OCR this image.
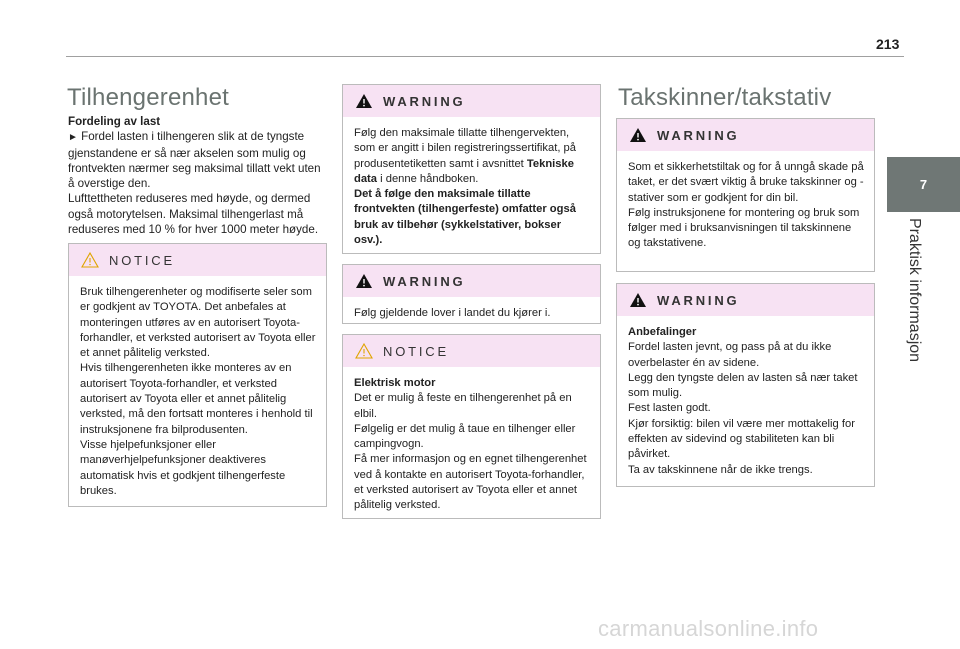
213
7
Praktisk informasjon
Tilhengerenhet

Fordeling av last

► Fordel lasten i tilhengeren slik at de tyngste gjenstandene er så nær akselen som mulig og frontvekten nærmer seg maksimal tillatt vekt uten å overstige den.

Lufttettheten reduseres med høyde, og dermed også motorytelsen. Maksimal tilhengerlast må reduseres med 10 % for hver 1000 meter høyde.

NOTICE

Bruk tilhengerenheter og modifiserte seler som er godkjent av TOYOTA. Det anbefales at monteringen utføres av en autorisert Toyota-forhandler, et verksted autorisert av Toyota eller et annet pålitelig verksted.

Hvis tilhengerenheten ikke monteres av en autorisert Toyota-forhandler, et verksted autorisert av Toyota eller et annet pålitelig verksted, må den fortsatt monteres i henhold til instruksjonene fra bilprodusenten.

Visse hjelpefunksjoner eller manøverhjelpefunksjoner deaktiveres automatisk hvis et godkjent tilhengerfeste brukes.

WARNING

Følg den maksimale tillatte tilhengervekten, som er angitt i bilen registreringssertifikat, på produsentetiketten samt i avsnittet Tekniske data i denne håndboken.

Det å følge den maksimale tillatte frontvekten (tilhengerfeste) omfatter også bruk av tilbehør (sykkelstativer, bokser osv.).

WARNING

Følg gjeldende lover i landet du kjører i.

NOTICE

Elektrisk motor

Det er mulig å feste en tilhengerenhet på en elbil.

Følgelig er det mulig å taue en tilhenger eller campingvogn.

Få mer informasjon og en egnet tilhengerenhet ved å kontakte en autorisert Toyota-forhandler, et verksted autorisert av Toyota eller et annet pålitelig verksted.

Takskinner/takstativ
WARNING

Som et sikkerhetstiltak og for å unngå skade på taket, er det svært viktig å bruke takskinner og -stativer som er godkjent for din bil.

Følg instruksjonene for montering og bruk som følger med i bruksanvisningen til takskinnene og takstativene.

WARNING

Anbefalinger

Fordel lasten jevnt, og pass på at du ikke overbelaster én av sidene.

Legg den tyngste delen av lasten så nær taket som mulig.

Fest lasten godt.

Kjør forsiktig: bilen vil være mer mottakelig for effekten av sidevind og stabiliteten kan bli påvirket.

Ta av takskinnene når de ikke trengs.

carmanualsonline.info
